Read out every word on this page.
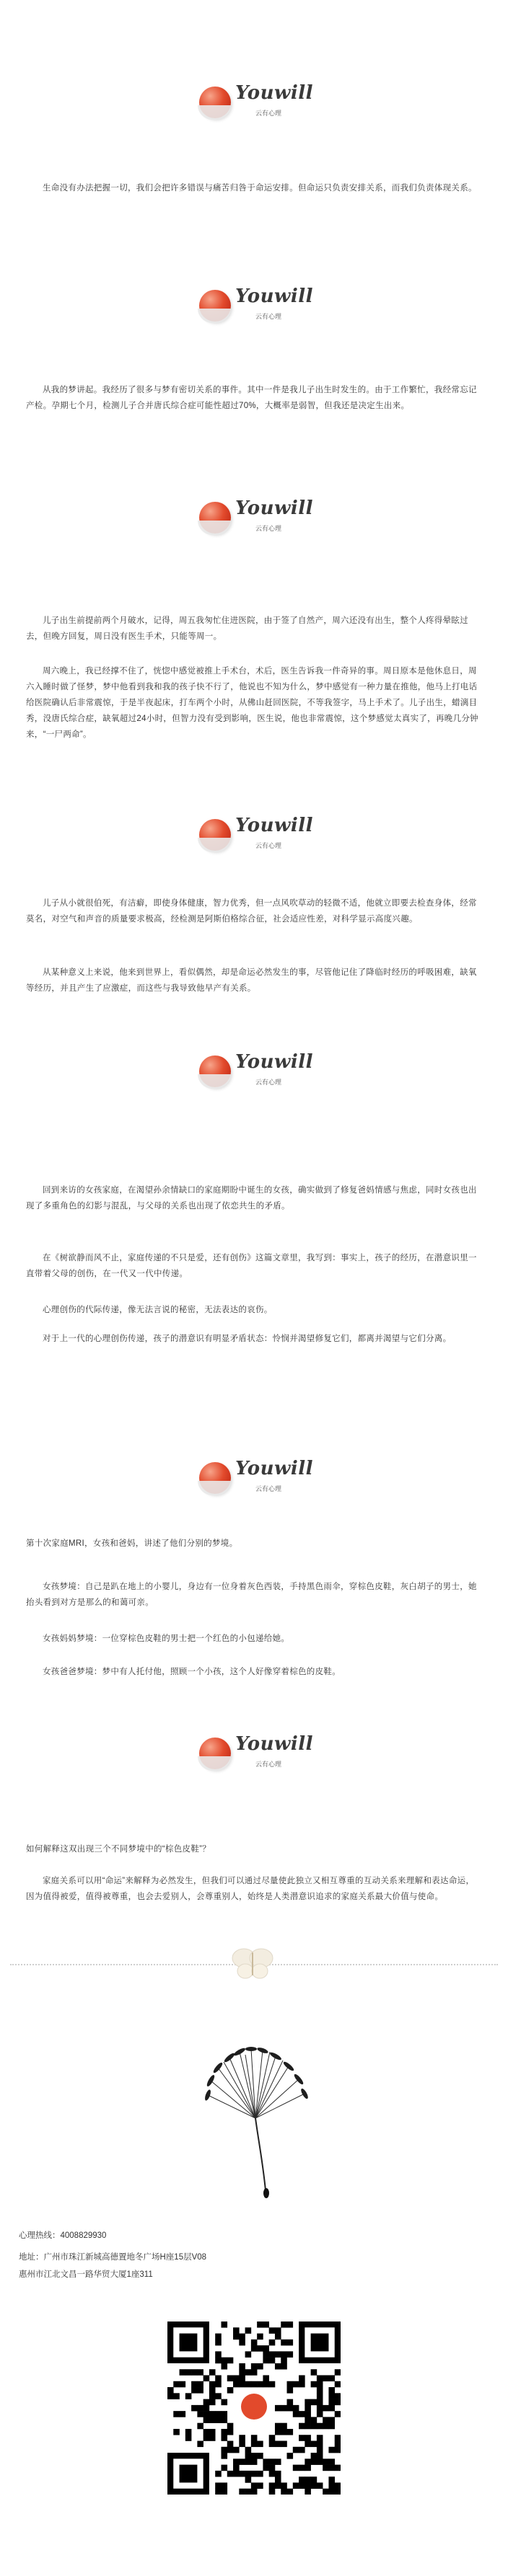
Youwill
云有心理

生命没有办法把握一切，我们会把许多错误与痛苦归咎于命运安排。但命运只负责安排关系，而我们负责体现关系。

Youwill
云有心理

从我的梦讲起。我经历了很多与梦有密切关系的事件。其中一件是我儿子出生时发生的。由于工作繁忙，我经常忘记产检。孕期七个月，检测儿子合并唐氏综合症可能性超过70%，大概率是弱智，但我还是决定生出来。

Youwill
云有心理

儿子出生前提前两个月破水，记得，周五我匆忙住进医院，由于签了自然产，周六还没有出生，整个人疼得晕眩过去，但晚方回复，周日没有医生手术，只能等周一。

周六晚上，我已经撑不住了，恍惚中感觉被推上手术台，术后，医生告诉我一件奇异的事。周日原本是他休息日，周六入睡时做了怪梦，梦中他看到我和我的孩子快不行了，他说也不知为什么，梦中感觉有一种力量在推他，他马上打电话给医院确认后非常震惊，于是半夜起床，打车两个小时，从佛山赶回医院，不等我签字，马上手术了。儿子出生，蜡漓目秀，没唐氏综合症，缺氧超过24小时，但智力没有受到影响，医生说，他也非常震惊，这个梦感觉太真实了，再晚几分钟来，“一尸两命”。

Youwill
云有心理

儿子从小就很伯死，有洁癖，即使身体健康，智力优秀，但一点风吹草动的轻微不适，他就立即要去检查身体，经常莫名，对空气和声音的质量要求极高，经检测是阿斯伯格综合征，社会适应性差，对科学显示高度兴趣。

从某种意义上来说，他来到世界上，看似偶然，却是命运必然发生的事，尽管他记住了降临时经历的呼吸困难，缺氧等经历，并且产生了应激症，而这些与我导致他早产有关系。

Youwill
云有心理

回到来访的女孩家庭，在渴望孙余情缺口的家庭期盼中诞生的女孩，确实做到了修复爸妈情感与焦虑，同时女孩也出现了多重角色的幻影与混乱，与父母的关系也出现了依恋共生的矛盾。

在《树欲静而风不止，家庭传递的不只是爱，还有创伤》这篇文章里，我写到：事实上，孩子的经历，在潜意识里一直带着父母的创伤，在一代又一代中传递。

心理创伤的代际传递，像无法言说的秘密，无法表达的哀伤。

对于上一代的心理创伤传递，孩子的潜意识有明显矛盾状态：怜悯并渴望修复它们，都离并渴望与它们分离。

Youwill
云有心理

第十次家庭MRI，女孩和爸妈，讲述了他们分别的梦境。

女孩梦境：自己是趴在地上的小婴儿，身边有一位身着灰色西装，手持黑色雨伞，穿棕色皮鞋，灰白胡子的男士，她抬头看到对方是那么的和蔼可亲。

女孩妈妈梦境：一位穿棕色皮鞋的男士把一个红色的小包递给她。

女孩爸爸梦境：梦中有人托付他，照顾一个小孩，这个人好像穿着棕色的皮鞋。

Youwill
云有心理

如何解释这双出现三个不同梦境中的“棕色皮鞋”？

家庭关系可以用“命运”来解释为必然发生，但我们可以通过尽量使此独立又相互尊重的互动关系来理解和表达命运，因为值得被爱，值得被尊重，也会去爱别人，会尊重别人，始终是人类潜意识追求的家庭关系最大价值与使命。

心理热线：4008829930

地址：广州市珠江新城高德置地冬广场H座15层V08

惠州市江北文昌一路华贸大厦1座311
